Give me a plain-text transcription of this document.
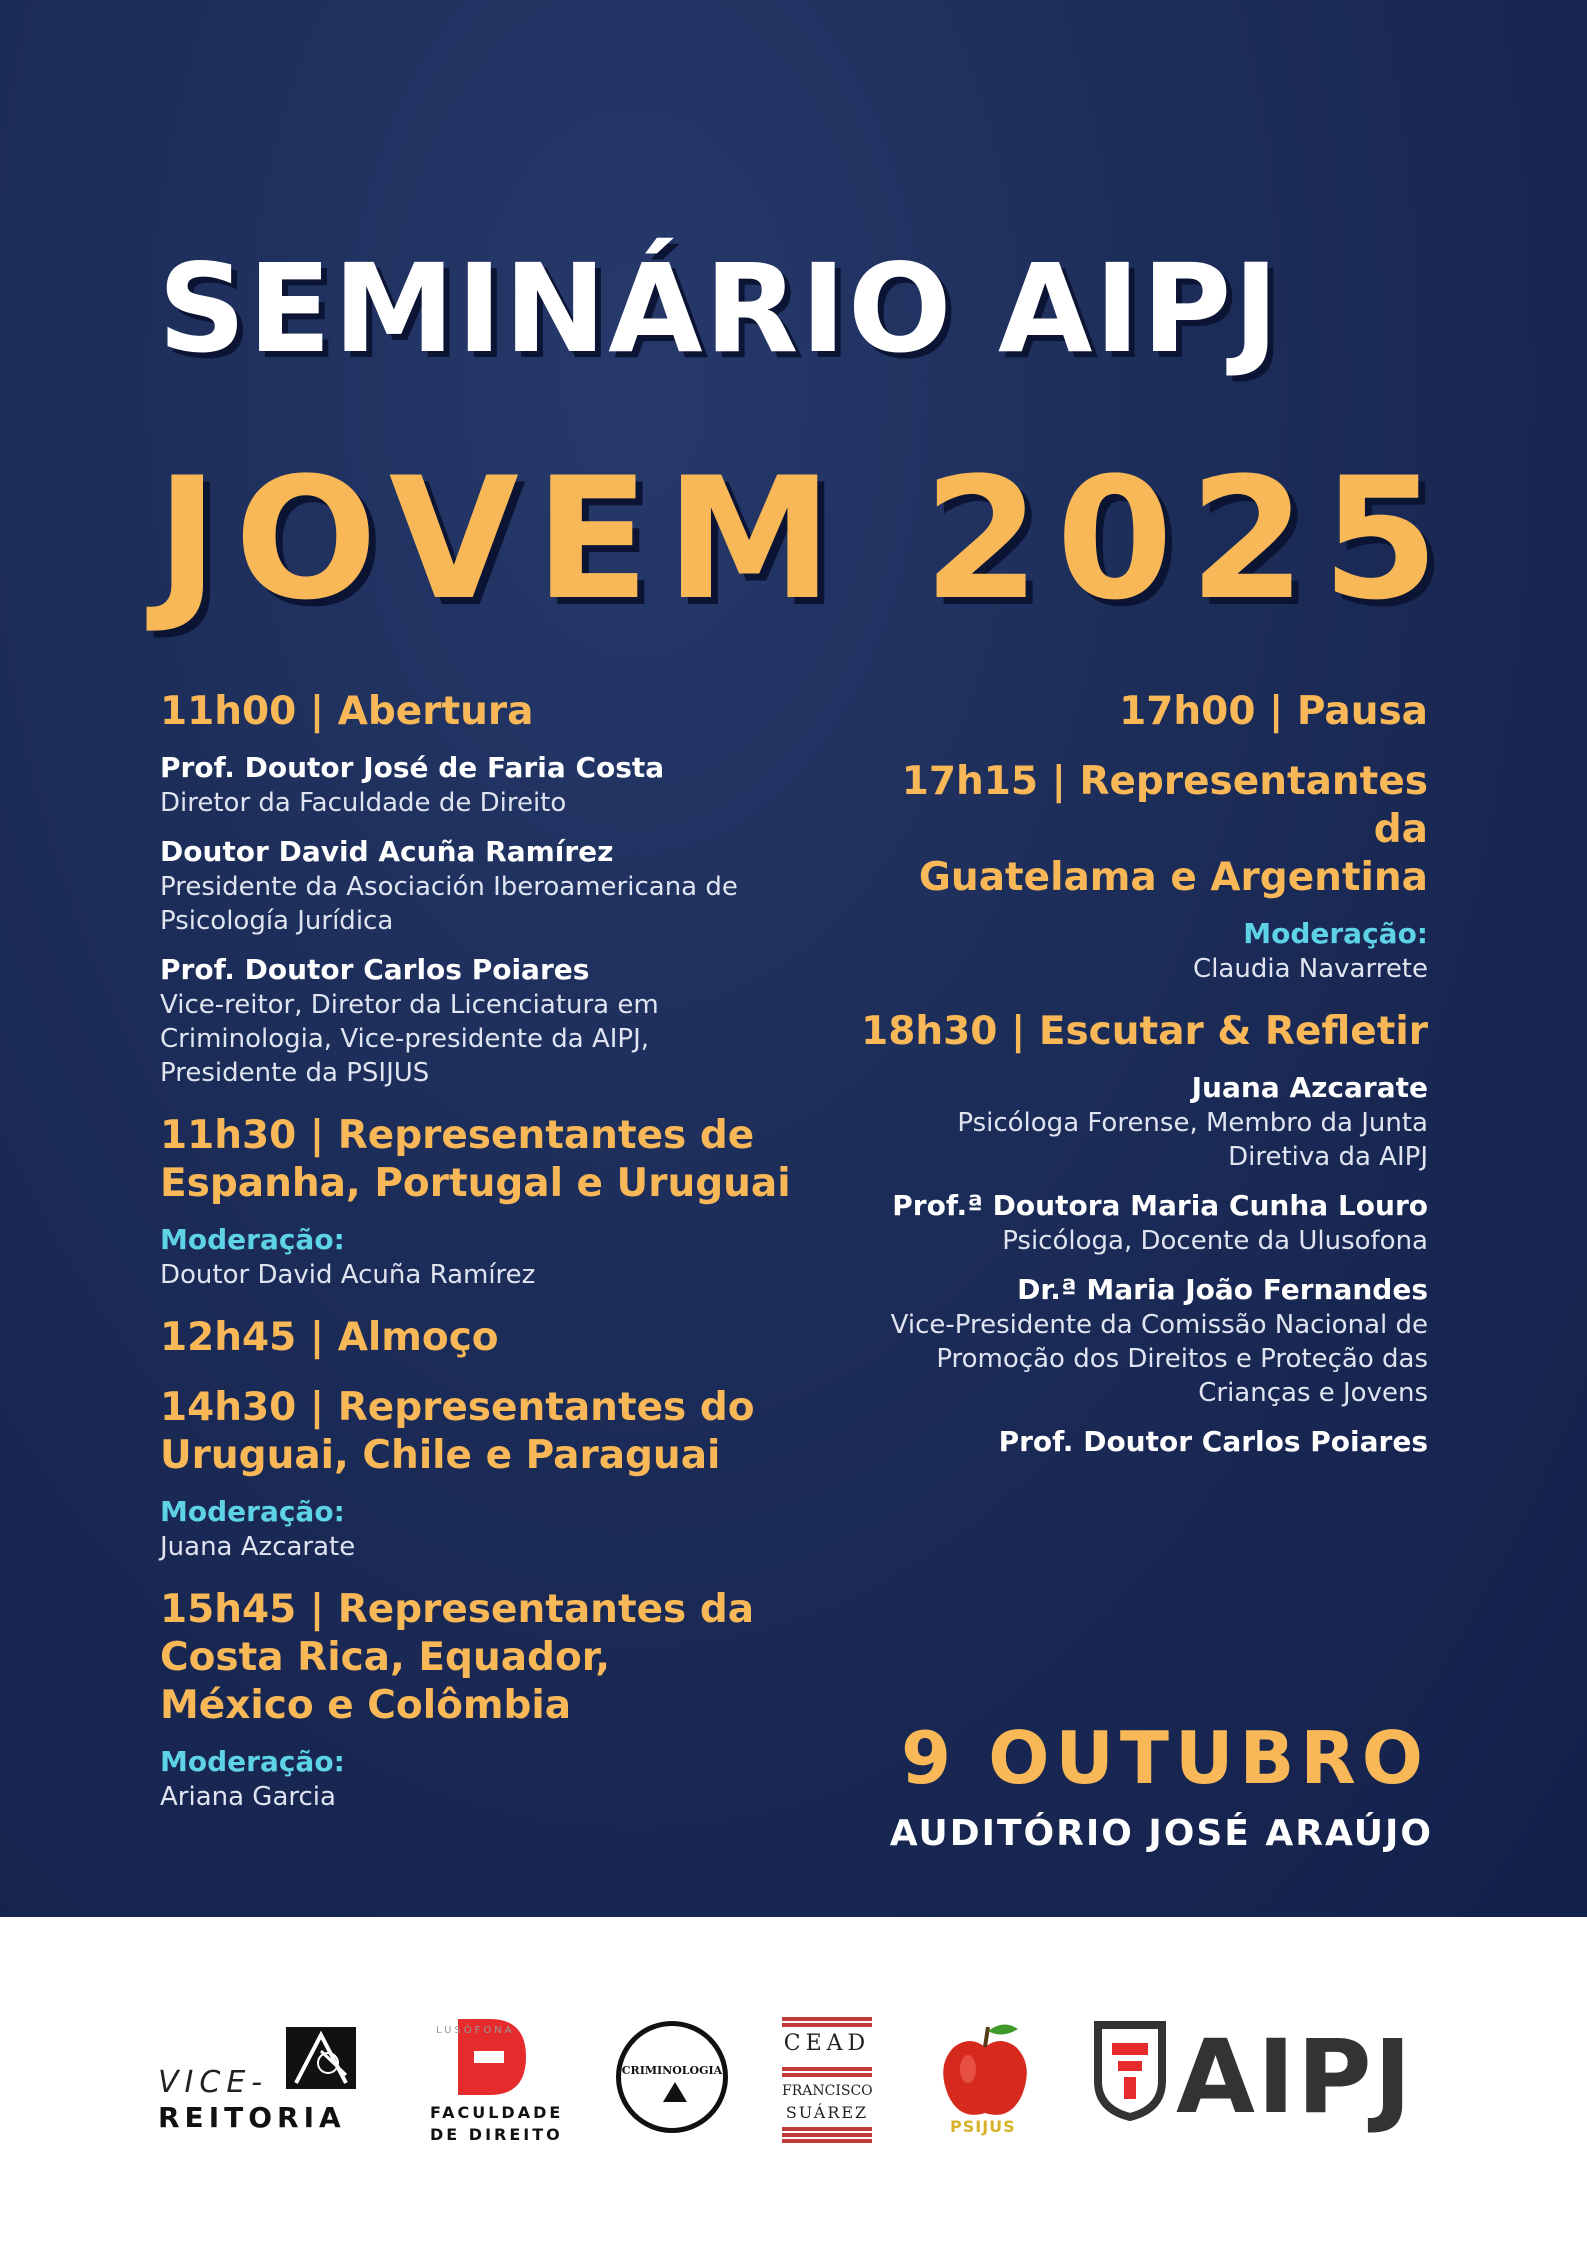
SEMINÁRIO AIPJ
JOVEM 2025
11h00 | Abertura
Prof. Doutor José de Faria Costa
Diretor da Faculdade de Direito
Doutor David Acuña Ramírez
Presidente da Asociación Iberoamericana de
Psicología Jurídica
Prof. Doutor Carlos Poiares
Vice-reitor, Diretor da Licenciatura em
Criminologia, Vice-presidente da AIPJ,
Presidente da PSIJUS
11h30 | Representantes de
Espanha, Portugal e Uruguai
Moderação:
Doutor David Acuña Ramírez
12h45 | Almoço
14h30 | Representantes do
Uruguai, Chile e Paraguai
Moderação:
Juana Azcarate
15h45 | Representantes da
Costa Rica, Equador,
México e Colômbia
Moderação:
Ariana Garcia
17h00 | Pausa
17h15 | Representantes da
Guatelama e Argentina
Moderação:
Claudia Navarrete
18h30 | Escutar & Refletir
Juana Azcarate
Psicóloga Forense, Membro da Junta
Diretiva da AIPJ
Prof.ª Doutora Maria Cunha Louro
Psicóloga, Docente da Ulusofona
Dr.ª Maria João Fernandes
Vice-Presidente da Comissão Nacional de
Promoção dos Direitos e Proteção das
Crianças e Jovens
Prof. Doutor Carlos Poiares
9 OUTUBRO
AUDITÓRIO JOSÉ ARAÚJO
VICE-
REITORIA
LUSÓFONA
FACULDADE
DE DIREITO
CRIMINOLOGIA
CEAD
FRANCISCO
SUÁREZ
PSIJUS AIPJ
